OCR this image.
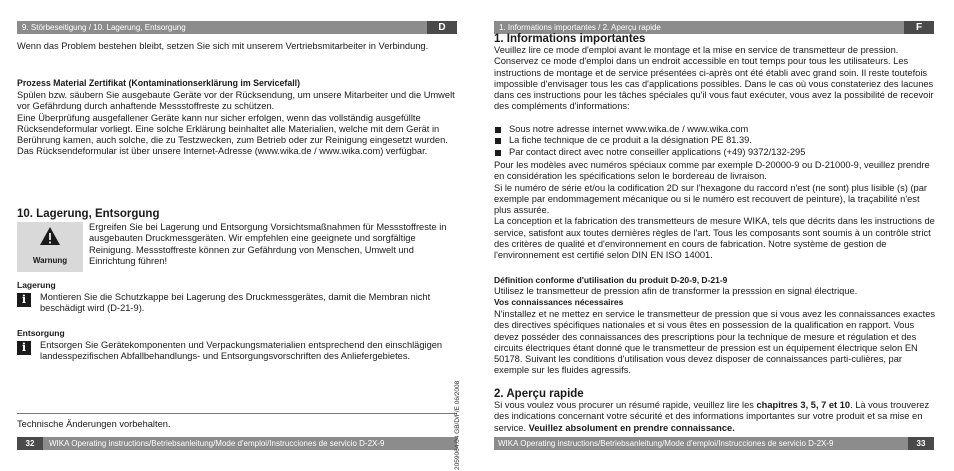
9. Störbeseitigung / 10. Lagerung, Entsorgung	D

Wenn das Problem bestehen bleibt, setzen Sie sich mit unserem Vertriebsmitarbeiter in Verbindung.

Prozess Material Zertifikat (Kontaminationserklärung im Servicefall)

Spülen bzw. säubern Sie ausgebaute Geräte vor der Rücksendung, um unsere Mitarbeiter und die Umwelt vor Gefährdung durch anhaftende Messstoffreste zu schützen.
Eine Überprüfung ausgefallener Geräte kann nur sicher erfolgen, wenn das vollständig ausgefüllte Rücksendeformular vorliegt. Eine solche Erklärung beinhaltet alle Materialien, welche mit dem Gerät in Berührung kamen, auch solche, die zu Testzwecken, zum Betrieb oder zur Reinigung eingesetzt wurden. Das Rücksendeformular ist über unsere Internet-Adresse (www.wika.de / www.wika.com) verfügbar.

10. Lagerung, Entsorgung

Warnung

Ergreifen Sie bei Lagerung und Entsorgung Vorsichtsmaßnahmen für Messstoffreste in ausgebauten Druckmessgeräten. Wir empfehlen eine geeignete und sorgfältige Reinigung. Messstoffreste können zur Gefährdung von Menschen, Umwelt und Einrichtung führen!

Lagerung

i	Montieren Sie die Schutzkappe bei Lagerung des Druckmessgerätes, damit die Membran nicht beschädigt wird (D-21-9).

Entsorgung

i	Entsorgen Sie Gerätekomponenten und Verpackungsmaterialien entsprechend den einschlägigen landesspezifischen Abfallbehandlungs- und Entsorgungsvorschriften des Anliefergebietes.

Technische Änderungen vorbehalten.

32	WIKA Operating instructions/Betriebsanleitung/Mode d'emploi/Instrucciones de servicio D-2X-9	2059064.04 GB/D/F/E 06/2008
1. Informations importantes / 2. Aperçu rapide	F

1. Informations importantes

Veuillez lire ce mode d'emploi avant le montage et la mise en service de transmetteur de pression. Conservez ce mode d'emploi dans un endroit accessible en tout temps pour tous les utilisateurs. Les instructions de montage et de service présentées ci-après ont été établi avec grand soin. Il reste toutefois impossible d'envisager tous les cas d'applications possibles. Dans le cas où vous constateriez des lacunes dans ces instructions pour les tâches spéciales qu'il vous faut exécuter, vous avez la possibilité de recevoir des compléments d'informations:

Sous notre adresse internet www.wika.de / www.wika.com
La fiche technique de ce produit a la désignation PE 81.39.
Par contact direct avec notre conseiller applications (+49) 9372/132-295

Pour les modèles avec numéros spéciaux comme par exemple D-20000-9 ou D-21000-9, veuillez prendre en considération les spécifications selon le bordereau de livraison.
Si le numéro de série et/ou la codification 2D sur l'hexagone du raccord n'est (ne sont) plus lisible (s) (par exemple par endommagement mécanique ou si le numéro est recouvert de peinture), la traçabilité n'est plus assurée.
La conception et la fabrication des transmetteurs de mesure WIKA, tels que décrits dans les instructions de service, satisfont aux toutes dernières règles de l'art. Tous les composants sont soumis à un contrôle strict des critères de qualité et d'environnement en cours de fabrication. Notre système de gestion de l'environnement est certifié selon DIN EN ISO 14001.

Définition conforme d'utilisation du produit D-20-9, D-21-9

Utilisez le transmetteur de pression afin de transformer la presssion en signal électrique.

Vos connaissances nécessaires

N'installez et ne mettez en service le transmetteur de pression que si vous avez les connaissances exactes des directives spécifiques nationales et si vous êtes en possession de la qualification en rapport. Vous devez posséder des connaissances des prescriptions pour la technique de mesure et régulation et des circuits électriques étant donné que le transmetteur de pression est un équipement électrique selon EN 50178. Suivant les conditions d'utilisation vous devez disposer de connaissances parti-culières, par exemple sur les fluides agressifs.

2. Aperçu rapide

Si vous voulez vous procurer un résumé rapide, veuillez lire les chapitres 3, 5, 7 et 10. Là vous trouverez des indications concernant votre sécurité et des informations importantes sur votre produit et sa mise en service. Veuillez absolument en prendre connaissance.

WIKA Operating instructions/Betriebsanleitung/Mode d'emploi/Instrucciones de servicio D-2X-9	33
